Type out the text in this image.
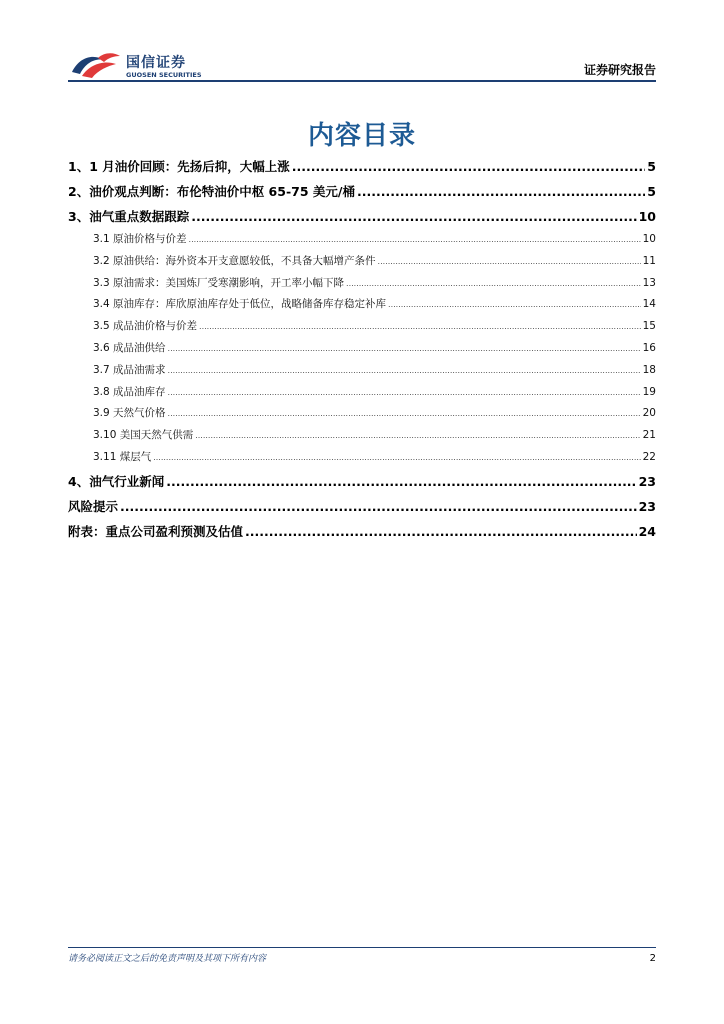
国信证券
GUOSEN SECURITIES	证券研究报告
内容目录
1、1 月油价回顾：先扬后抑，大幅上涨 .....	5
2、油价观点判断：布伦特油价中枢 65-75 美元/桶 .....	5
3、油气重点数据跟踪 .....	10
3.1 原油价格与价差 .....	10
3.2 原油供给：海外资本开支意愿较低，不具备大幅增产条件 .....	11
3.3 原油需求：美国炼厂受寒潮影响，开工率小幅下降 .....	13
3.4 原油库存：库欣原油库存处于低位，战略储备库存稳定补库 .....	14
3.5 成品油价格与价差 .....	15
3.6 成品油供给 .....	16
3.7 成品油需求 .....	18
3.8 成品油库存 .....	19
3.9 天然气价格 .....	20
3.10 美国天然气供需 .....	21
3.11 煤层气 .....	22
4、油气行业新闻 .....	23
风险提示 .....	23
附表：重点公司盈利预测及估值 .....	24
请务必阅读正文之后的免责声明及其项下所有内容	2
